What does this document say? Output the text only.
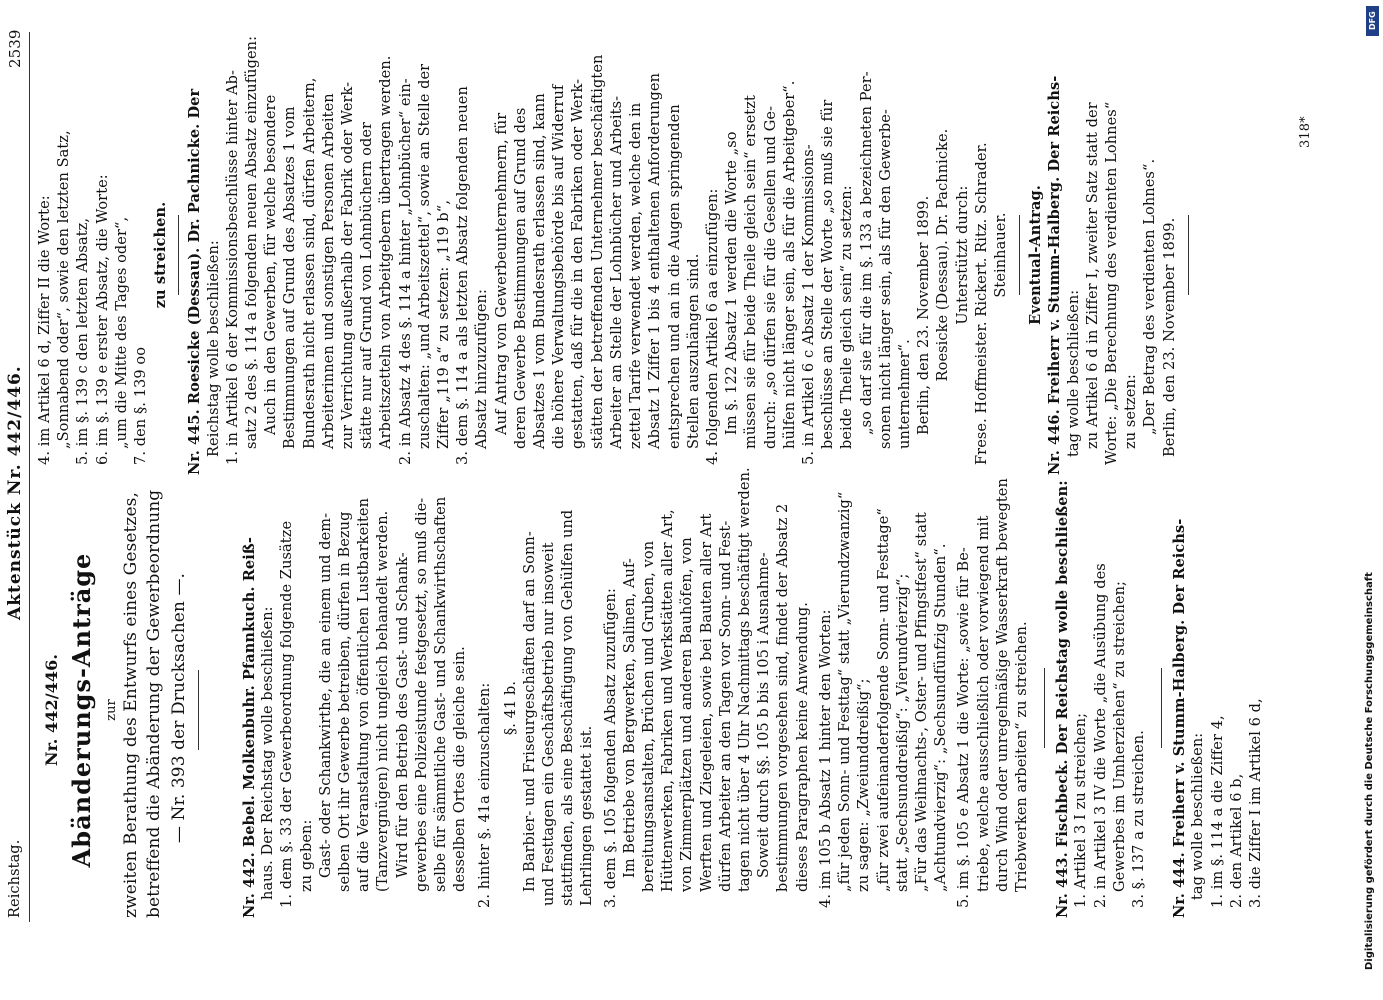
Reichstag.
Aktenstück Nr. 442/446.
2539
Nr. 442/446. Abänderungs-Anträge zur zweiten Berathung des Entwurfs eines Gesetzes, betreffend die Abänderung der Gewerbeordnung — Nr. 393 der Drucksachen —.	Nr. 442. Bebel. Molkenbuhr. Pfannkuch. Reiß- haus. Der Reichstag wolle beschließen: 1. dem §. 33 der Gewerbeordnung folgende Zusätze zu geben: Gast- oder Schankwirthe, die an einem und dem- selben Ort ihr Gewerbe betreiben, dürfen in Bezug auf die Veranstaltung von öffentlichen Lustbarkeiten (Tanzvergnügen) nicht ungleich behandelt werden. Wird für den Betrieb des Gast- und Schank- gewerbes eine Polizeistunde festgesetzt, so muß die- selbe für sämmtliche Gast- und Schankwirthschaften desselben Ortes die gleiche sein. 2. hinter §. 41a einzuschalten: §. 41 b. In Barbier- und Friseurgeschäften darf an Sonn- und Festtagen ein Geschäftsbetrieb nur insoweit stattfinden, als eine Beschäftigung von Gehülfen und Lehrlingen gestattet ist. 3. dem §. 105 folgenden Absatz zuzufügen: Im Betriebe von Bergwerken, Salinen, Auf- bereitungsanstalten, Brüchen und Gruben, von Hüttenwerken, Fabriken und Werkstätten aller Art, von Zimmerplätzen und anderen Bauhöfen, von Werften und Ziegeleien, sowie bei Bauten aller Art dürfen Arbeiter an den Tagen vor Sonn- und Fest- tagen nicht über 4 Uhr Nachmittags beschäftigt werden. Soweit durch §§. 105 b bis 105 i Ausnahme- bestimmungen vorgesehen sind, findet der Absatz 2 dieses Paragraphen keine Anwendung. 4. im 105 b Absatz 1 hinter den Worten: „für jeden Sonn- und Festtag“ statt „Vierundzwanzig“ zu sagen: „Zweiunddreißig“; „für zwei aufeinanderfolgende Sonn- und Festtage“ statt „Sechsunddreißig“: „Vierundvierzig“; „Für das Weihnachts-, Oster- und Pfingstfest“ statt „Achtundvierzig“: „Sechsundfünfzig Stunden“. 5. im §. 105 e Absatz 1 die Worte: „sowie für Be- triebe, welche ausschließlich oder vorwiegend mit durch Wind oder unregelmäßige Wasserkraft bewegten Triebwerken arbeiten“ zu streichen. Nr. 443. Fischbeck. Der Reichstag wolle beschließen: 1. Artikel 3 I zu streichen; 2. in Artikel 3 IV die Worte „die Ausübung des Gewerbes im Umherziehen“ zu streichen; 3. §. 137 a zu streichen. Nr. 444. Freiherr v. Stumm-Halberg. Der Reichs- tag wolle beschließen: 1. im §. 114 a die Ziffer 4, 2. den Artikel 6 b, 3. die Ziffer I im Artikel 6 d,
4. im Artikel 6 d, Ziffer II die Worte: „Sonnabend oder“, sowie den letzten Satz, 5. im §. 139 c den letzten Absatz, 6. im §. 139 e erster Absatz, die Worte: „um die Mitte des Tages oder“, 7. den §. 139 oo
zu streichen. Nr. 445. Roesicke (Dessau). Dr. Pachnicke. Der Reichstag wolle beschließen: 1. in Artikel 6 der Kommissionsbeschlüsse hinter Ab- satz 2 des §. 114 a folgenden neuen Absatz einzufügen: Auch in den Gewerben, für welche besondere Bestimmungen auf Grund des Absatzes 1 vom Bundesrath nicht erlassen sind, dürfen Arbeitern, Arbeiterinnen und sonstigen Personen Arbeiten zur Verrichtung außerhalb der Fabrik oder Werk- stätte nur auf Grund von Lohnbüchern oder Arbeitszetteln von Arbeitgebern übertragen werden. 2. in Absatz 4 des §. 114 a hinter „Lohnbücher“ ein- zuschalten: „und Arbeitszettel“, sowie an Stelle der Ziffer „119 a“ zu setzen: „119 b“, 3. dem §. 114 a als letzten Absatz folgenden neuen Absatz hinzuzufügen: Auf Antrag von Gewerbeunternehmern, für deren Gewerbe Bestimmungen auf Grund des Absatzes 1 vom Bundesrath erlassen sind, kann die höhere Verwaltungsbehörde bis auf Widerruf gestatten, daß für die in den Fabriken oder Werk- stätten der betreffenden Unternehmer beschäftigten Arbeiter an Stelle der Lohnbücher und Arbeits- zettel Tarife verwendet werden, welche den in Absatz 1 Ziffer 1 bis 4 enthaltenen Anforderungen entsprechen und an in die Augen springenden Stellen auszuhängen sind. 4. folgenden Artikel 6 aa einzufügen: Im §. 122 Absatz 1 werden die Worte „so müssen sie für beide Theile gleich sein“ ersetzt durch: „so dürfen sie für die Gesellen und Ge- hülfen nicht länger sein, als für die Arbeitgeber“. 5. in Artikel 6 c Absatz 1 der Kommissions- beschlüsse an Stelle der Worte „so muß sie für beide Theile gleich sein“ zu setzen: „so darf sie für die im §. 133 a bezeichneten Per- sonen nicht länger sein, als für den Gewerbe- unternehmer“. Berlin, den 23. November 1899. Roesicke (Dessau). Dr. Pachnicke. Unterstützt durch: Frese. Hoffmeister. Rickert. Ritz. Schrader. Steinhauer. Eventual-Antrag. Nr. 446. Freiherr v. Stumm-Halberg. Der Reichs- tag wolle beschließen: zu Artikel 6 d in Ziffer I, zweiter Satz statt der Worte: „Die Berechnung des verdienten Lohnes“ zu setzen: „Der Betrag des verdienten Lohnes“. Berlin, den 23. November 1899.
318*
DFG
Digitalisierung gefördert durch die Deutsche Forschungsgemeinschaft
